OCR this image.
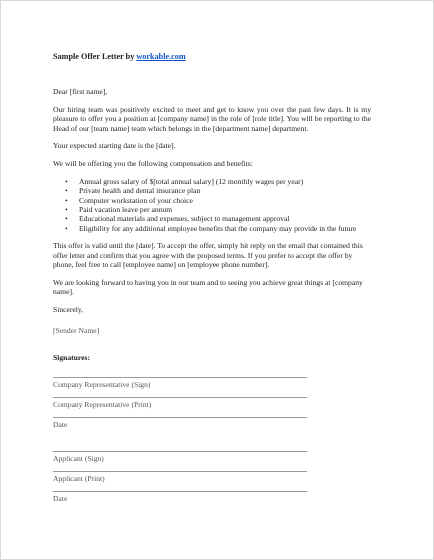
Sample Offer Letter by workable.com

Dear [first name],

Our hiring team was positively excited to meet and get to know you over the past few days. It is my pleasure to offer you a position at [company name] in the role of [role title]. You will be reporting to the Head of our [team name] team which belongs in the [department name] department.

Your expected starting date is the [date].

We will be offering you the following compensation and benefits:

• Annual gross salary of $[total annual salary] (12 monthly wages per year)
• Private health and dental insurance plan
• Computer workstation of your choice
• Paid vacation leave per annum
• Educational materials and expenses, subject to management approval
• Eligibility for any additional employee benefits that the company may provide in the future

This offer is valid until the [date]. To accept the offer, simply hit reply on the email that contained this offer letter and confirm that you agree with the proposed terms. If you prefer to accept the offer by phone, feel free to call [employee name] on [employee phone number].

We are looking forward to having you in our team and to seeing you achieve great things at [company name].

Sincerely,

[Sender Name]

Signatures:

Company Representative (Sign)
Company Representative (Print)
Date
Applicant (Sign)
Applicant (Print)
Date
